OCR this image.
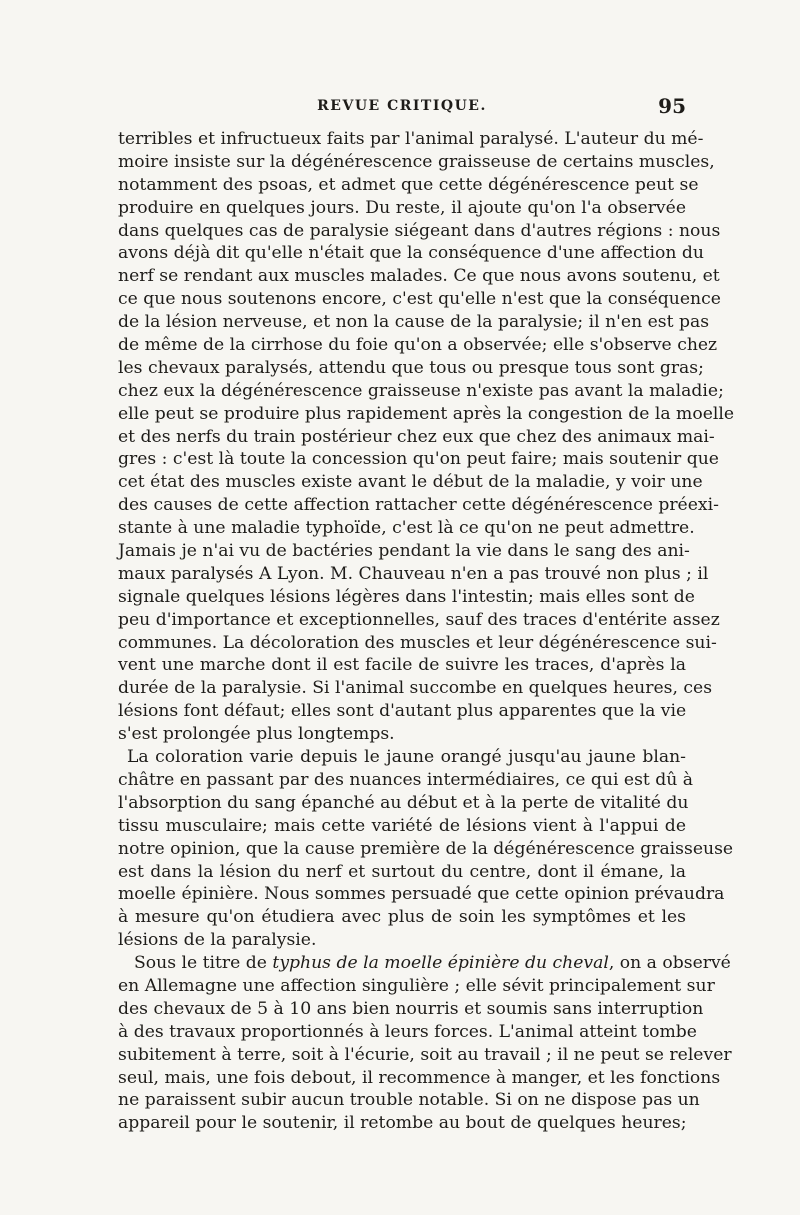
REVUE CRITIQUE.	95
terribles et infructueux faits par l'animal paralysé. L'auteur du mé-
moire insiste sur la dégénérescence graisseuse de certains muscles,
notamment des psoas, et admet que cette dégénérescence peut se
produire en quelques jours. Du reste, il ajoute qu'on l'a observée
dans quelques cas de paralysie siégeant dans d'autres régions : nous
avons déjà dit qu'elle n'était que la conséquence d'une affection du
nerf se rendant aux muscles malades. Ce que nous avons soutenu, et
ce que nous soutenons encore, c'est qu'elle n'est que la conséquence
de la lésion nerveuse, et non la cause de la paralysie; il n'en est pas
de même de la cirrhose du foie qu'on a observée; elle s'observe chez
les chevaux paralysés, attendu que tous ou presque tous sont gras;
chez eux la dégénérescence graisseuse n'existe pas avant la maladie;
elle peut se produire plus rapidement après la congestion de la moelle
et des nerfs du train postérieur chez eux que chez des animaux mai-
gres : c'est là toute la concession qu'on peut faire; mais soutenir que
cet état des muscles existe avant le début de la maladie, y voir une
des causes de cette affection rattacher cette dégénérescence préexi-
stante à une maladie typhoïde, c'est là ce qu'on ne peut admettre.
Jamais je n'ai vu de bactéries pendant la vie dans le sang des ani-
maux paralysés A Lyon. M. Chauveau n'en a pas trouvé non plus ; il
signale quelques lésions légères dans l'intestin; mais elles sont de
peu d'importance et exceptionnelles, sauf des traces d'entérite assez
communes. La décoloration des muscles et leur dégénérescence sui-
vent une marche dont il est facile de suivre les traces, d'après la
durée de la paralysie. Si l'animal succombe en quelques heures, ces
lésions font défaut; elles sont d'autant plus apparentes que la vie
s'est prolongée plus longtemps.
La coloration varie depuis le jaune orangé jusqu'au jaune blan-
châtre en passant par des nuances intermédiaires, ce qui est dû à
l'absorption du sang épanché au début et à la perte de vitalité du
tissu musculaire; mais cette variété de lésions vient à l'appui de
notre opinion, que la cause première de la dégénérescence graisseuse
est dans la lésion du nerf et surtout du centre, dont il émane, la
moelle épinière. Nous sommes persuadé que cette opinion prévaudra
à mesure qu'on étudiera avec plus de soin les symptômes et les
lésions de la paralysie.
Sous le titre de typhus de la moelle épinière du cheval, on a observé
en Allemagne une affection singulière ; elle sévit principalement sur
des chevaux de 5 à 10 ans bien nourris et soumis sans interruption
à des travaux proportionnés à leurs forces. L'animal atteint tombe
subitement à terre, soit à l'écurie, soit au travail ; il ne peut se relever
seul, mais, une fois debout, il recommence à manger, et les fonctions
ne paraissent subir aucun trouble notable. Si on ne dispose pas un
appareil pour le soutenir, il retombe au bout de quelques heures;
